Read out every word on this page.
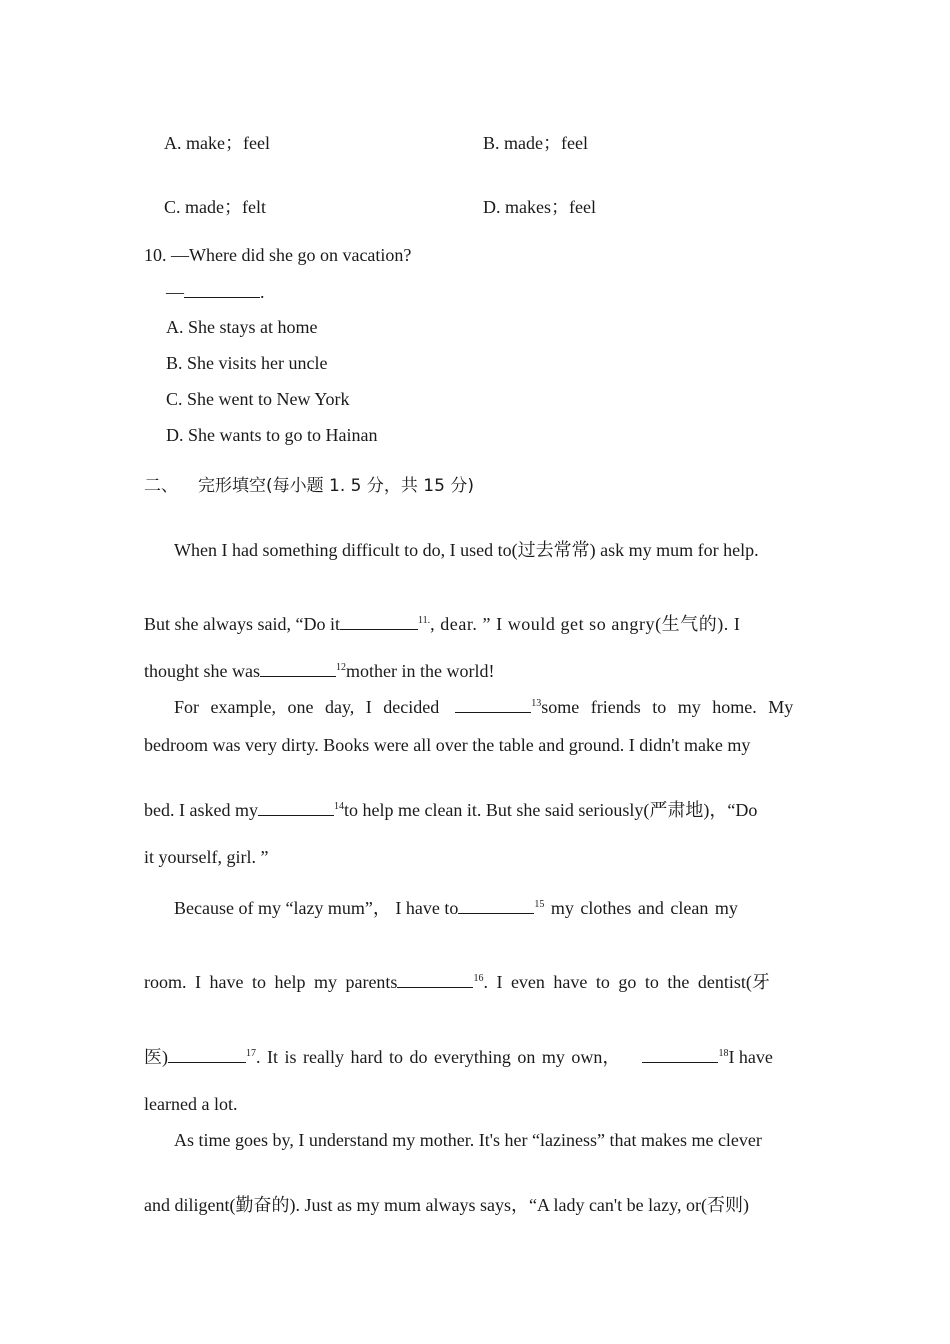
A. make；feel	B. made；feel
C. made；felt	D. makes；feel
10. —Where did she go on vacation?
—	.
A. She stays at home
B. She visits her uncle
C. She went to New York
D. She wants to go to Hainan
二、 完形填空(每小题 1. 5 分，共 15 分)
When I had something difficult to do, I used to(过去常常) ask my mum for help.
But she always said, “Do it	$^{11.}$, dear. ” I would get so angry(生气的). I
thought she was	$^{12}$mother in the world!
For example, one day, I decided	$^{13}$some friends to my home. My
bedroom was very dirty. Books were all over the table and ground. I didn't make my
bed. I asked my	$^{14}$to help me clean it. But she said seriously(严肃地)，“Do
it yourself, girl. ”
Because of my “lazy mum”， I have to	$^{15}$ my clothes and clean my
room. I have to help my parents	$^{16}$. I even have to go to the dentist(牙
医)	$^{17}$. It is really hard to do everything on my own，	$^{18}$I have
learned a lot.
As time goes by, I understand my mother. It's her “laziness” that makes me clever
and diligent(勤奋的). Just as my mum always says，“A lady can't be lazy, or(否则)
